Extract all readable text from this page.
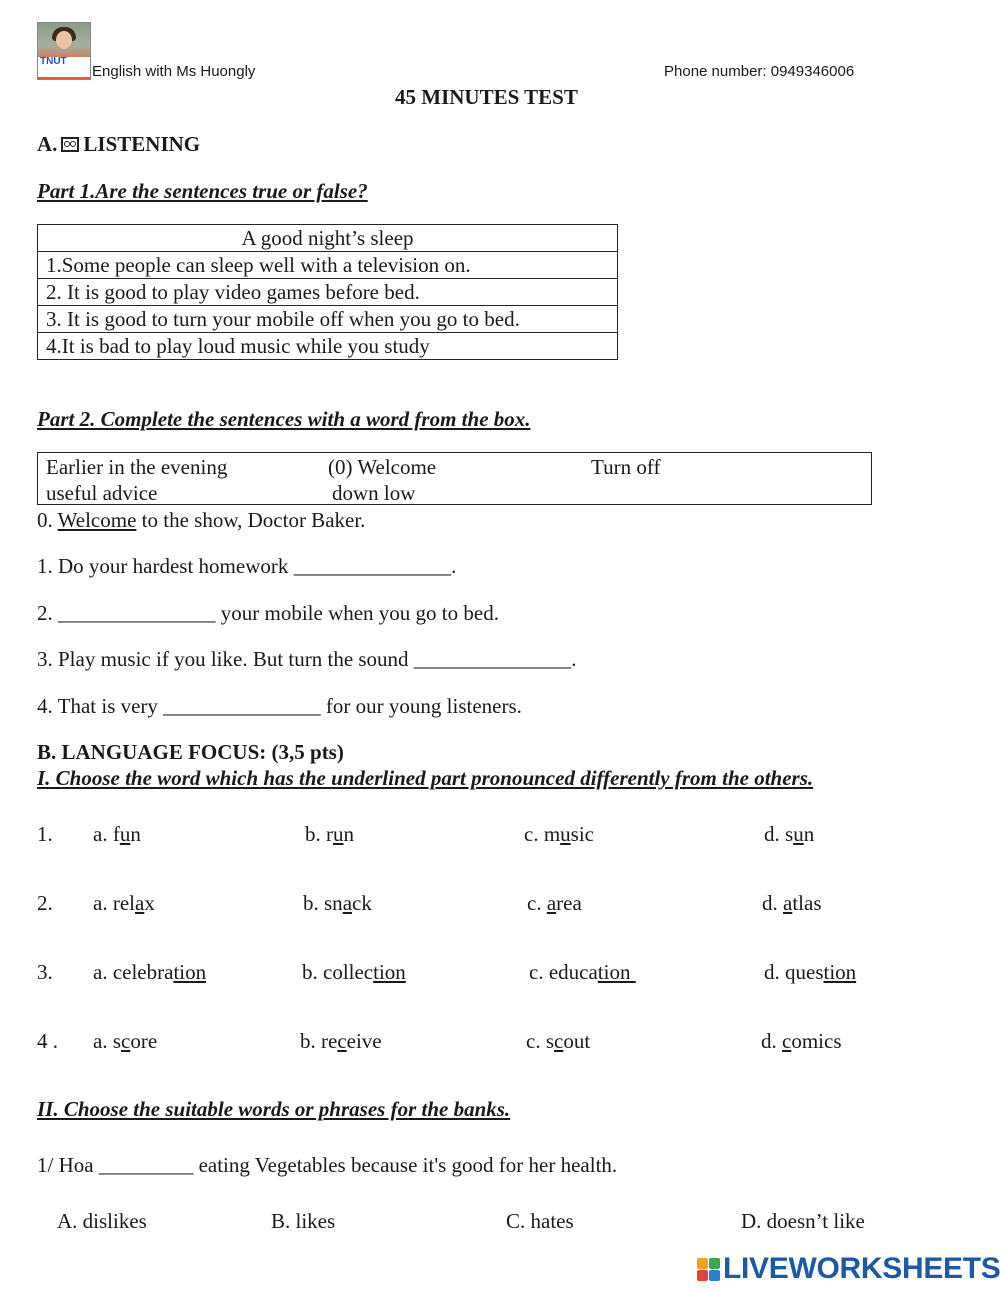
TNUT
English with Ms Huongly	Phone number: 0949346006
45 MINUTES TEST
A. LISTENING
Part 1.Are the sentences true or false?
A good night’s sleep
1.Some people can sleep well with a television on.
2. It is good to play video games before bed.
3. It is good to turn your mobile off when you go to bed.
4.It is bad to play loud music while you study
Part 2. Complete the sentences with a word from the box.
Earlier in the evening	(0) Welcome	Turn off
useful advice	down low
0. Welcome to the show, Doctor Baker.
1. Do your hardest homework _______________.
2. _______________ your mobile when you go to bed.
3. Play music if you like. But turn the sound _______________.
4. That is very _______________ for our young listeners.
B. LANGUAGE FOCUS: (3,5 pts)
I. Choose the word which has the underlined part pronounced differently from the others.
1. a. fun	b. run	c. music	d. sun
2. a. relax	b. snack	c. area	d. atlas
3. a. celebration	b. collection	c. education	d. question
4 . a. score	b. receive	c. scout	d. comics
II. Choose the suitable words or phrases for the banks.
1/ Hoa _________ eating Vegetables because it's good for her health.
A. dislikes	B. likes	C. hates	D. doesn’t like
LIVEWORKSHEETS
